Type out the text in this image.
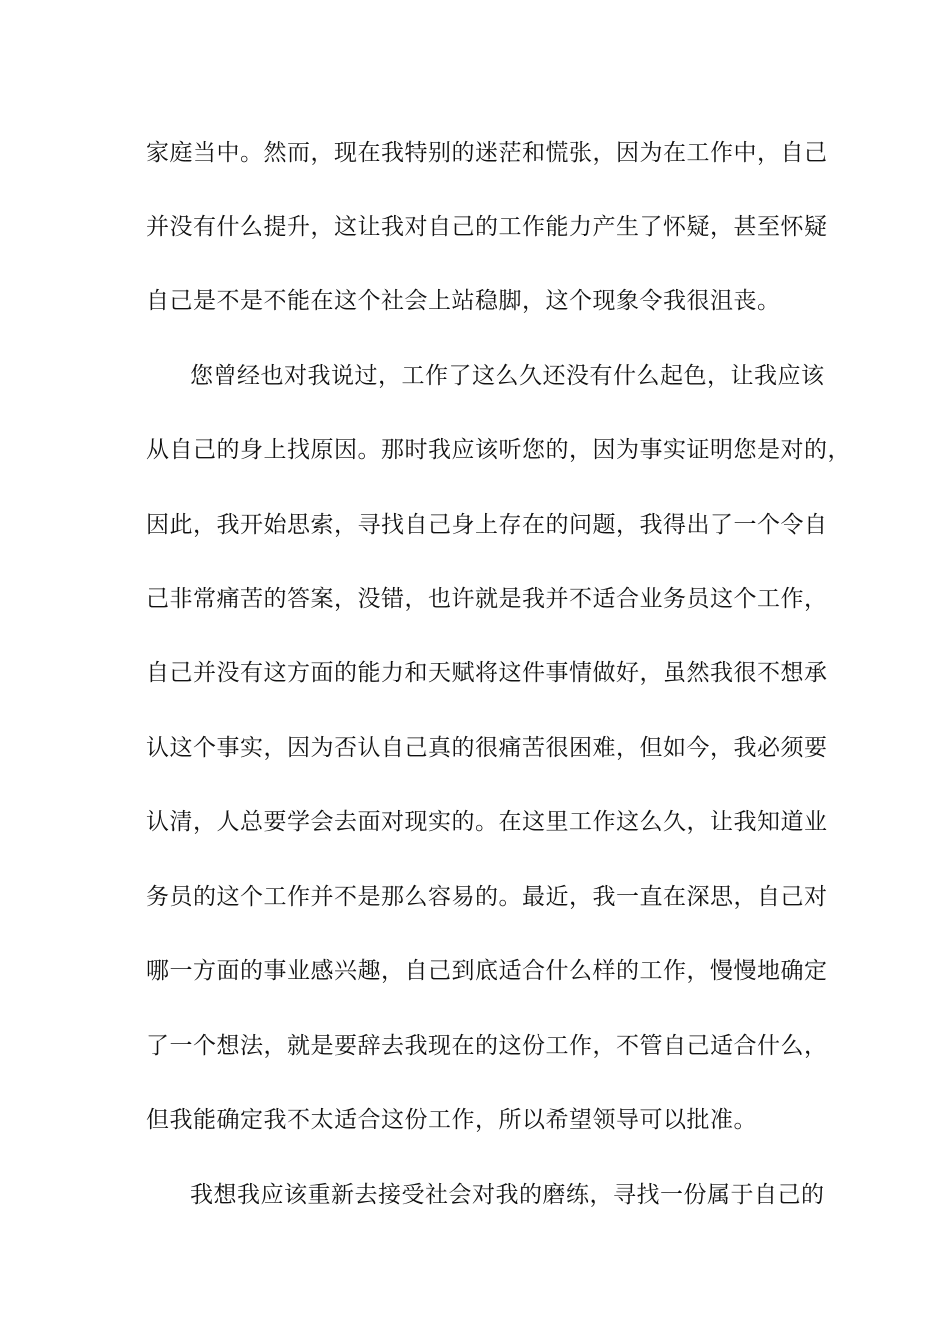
家庭当中。然而，现在我特别的迷茫和慌张，因为在工作中，自己
并没有什么提升，这让我对自己的工作能力产生了怀疑，甚至怀疑
自己是不是不能在这个社会上站稳脚，这个现象令我很沮丧。
您曾经也对我说过，工作了这么久还没有什么起色，让我应该
从自己的身上找原因。那时我应该听您的，因为事实证明您是对的，
因此，我开始思索，寻找自己身上存在的问题，我得出了一个令自
己非常痛苦的答案，没错，也许就是我并不适合业务员这个工作，
自己并没有这方面的能力和天赋将这件事情做好，虽然我很不想承
认这个事实，因为否认自己真的很痛苦很困难，但如今，我必须要
认清，人总要学会去面对现实的。在这里工作这么久，让我知道业
务员的这个工作并不是那么容易的。最近，我一直在深思，自己对
哪一方面的事业感兴趣，自己到底适合什么样的工作，慢慢地确定
了一个想法，就是要辞去我现在的这份工作，不管自己适合什么，
但我能确定我不太适合这份工作，所以希望领导可以批准。
我想我应该重新去接受社会对我的磨练，寻找一份属于自己的
